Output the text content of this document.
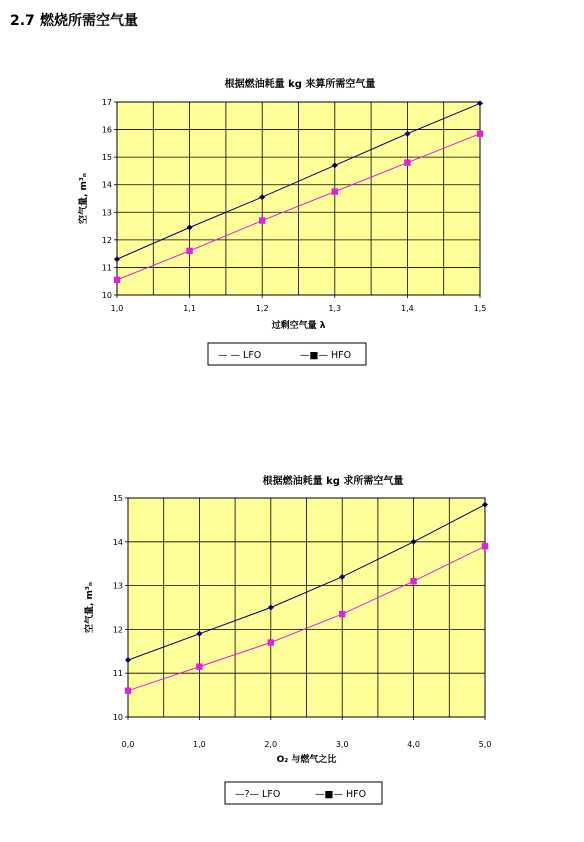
2.7 燃烧所需空气量
根据燃油耗量 kg 来算所需空气量
10
11
12
13
14
15
16
17
1,0	1,1	1,2	1,3	1,4	1,5
过剩空气量 λ
空气量, m³ₙ
— — LFO	—■— HFO
根据燃油耗量 kg 求所需空气量
10
11
12
13
14
15
0,0	1,0	2,0	3,0	4,0	5,0
O₂ 与燃气之比
空气量, m³ₙ
—?— LFO	—■— HFO
